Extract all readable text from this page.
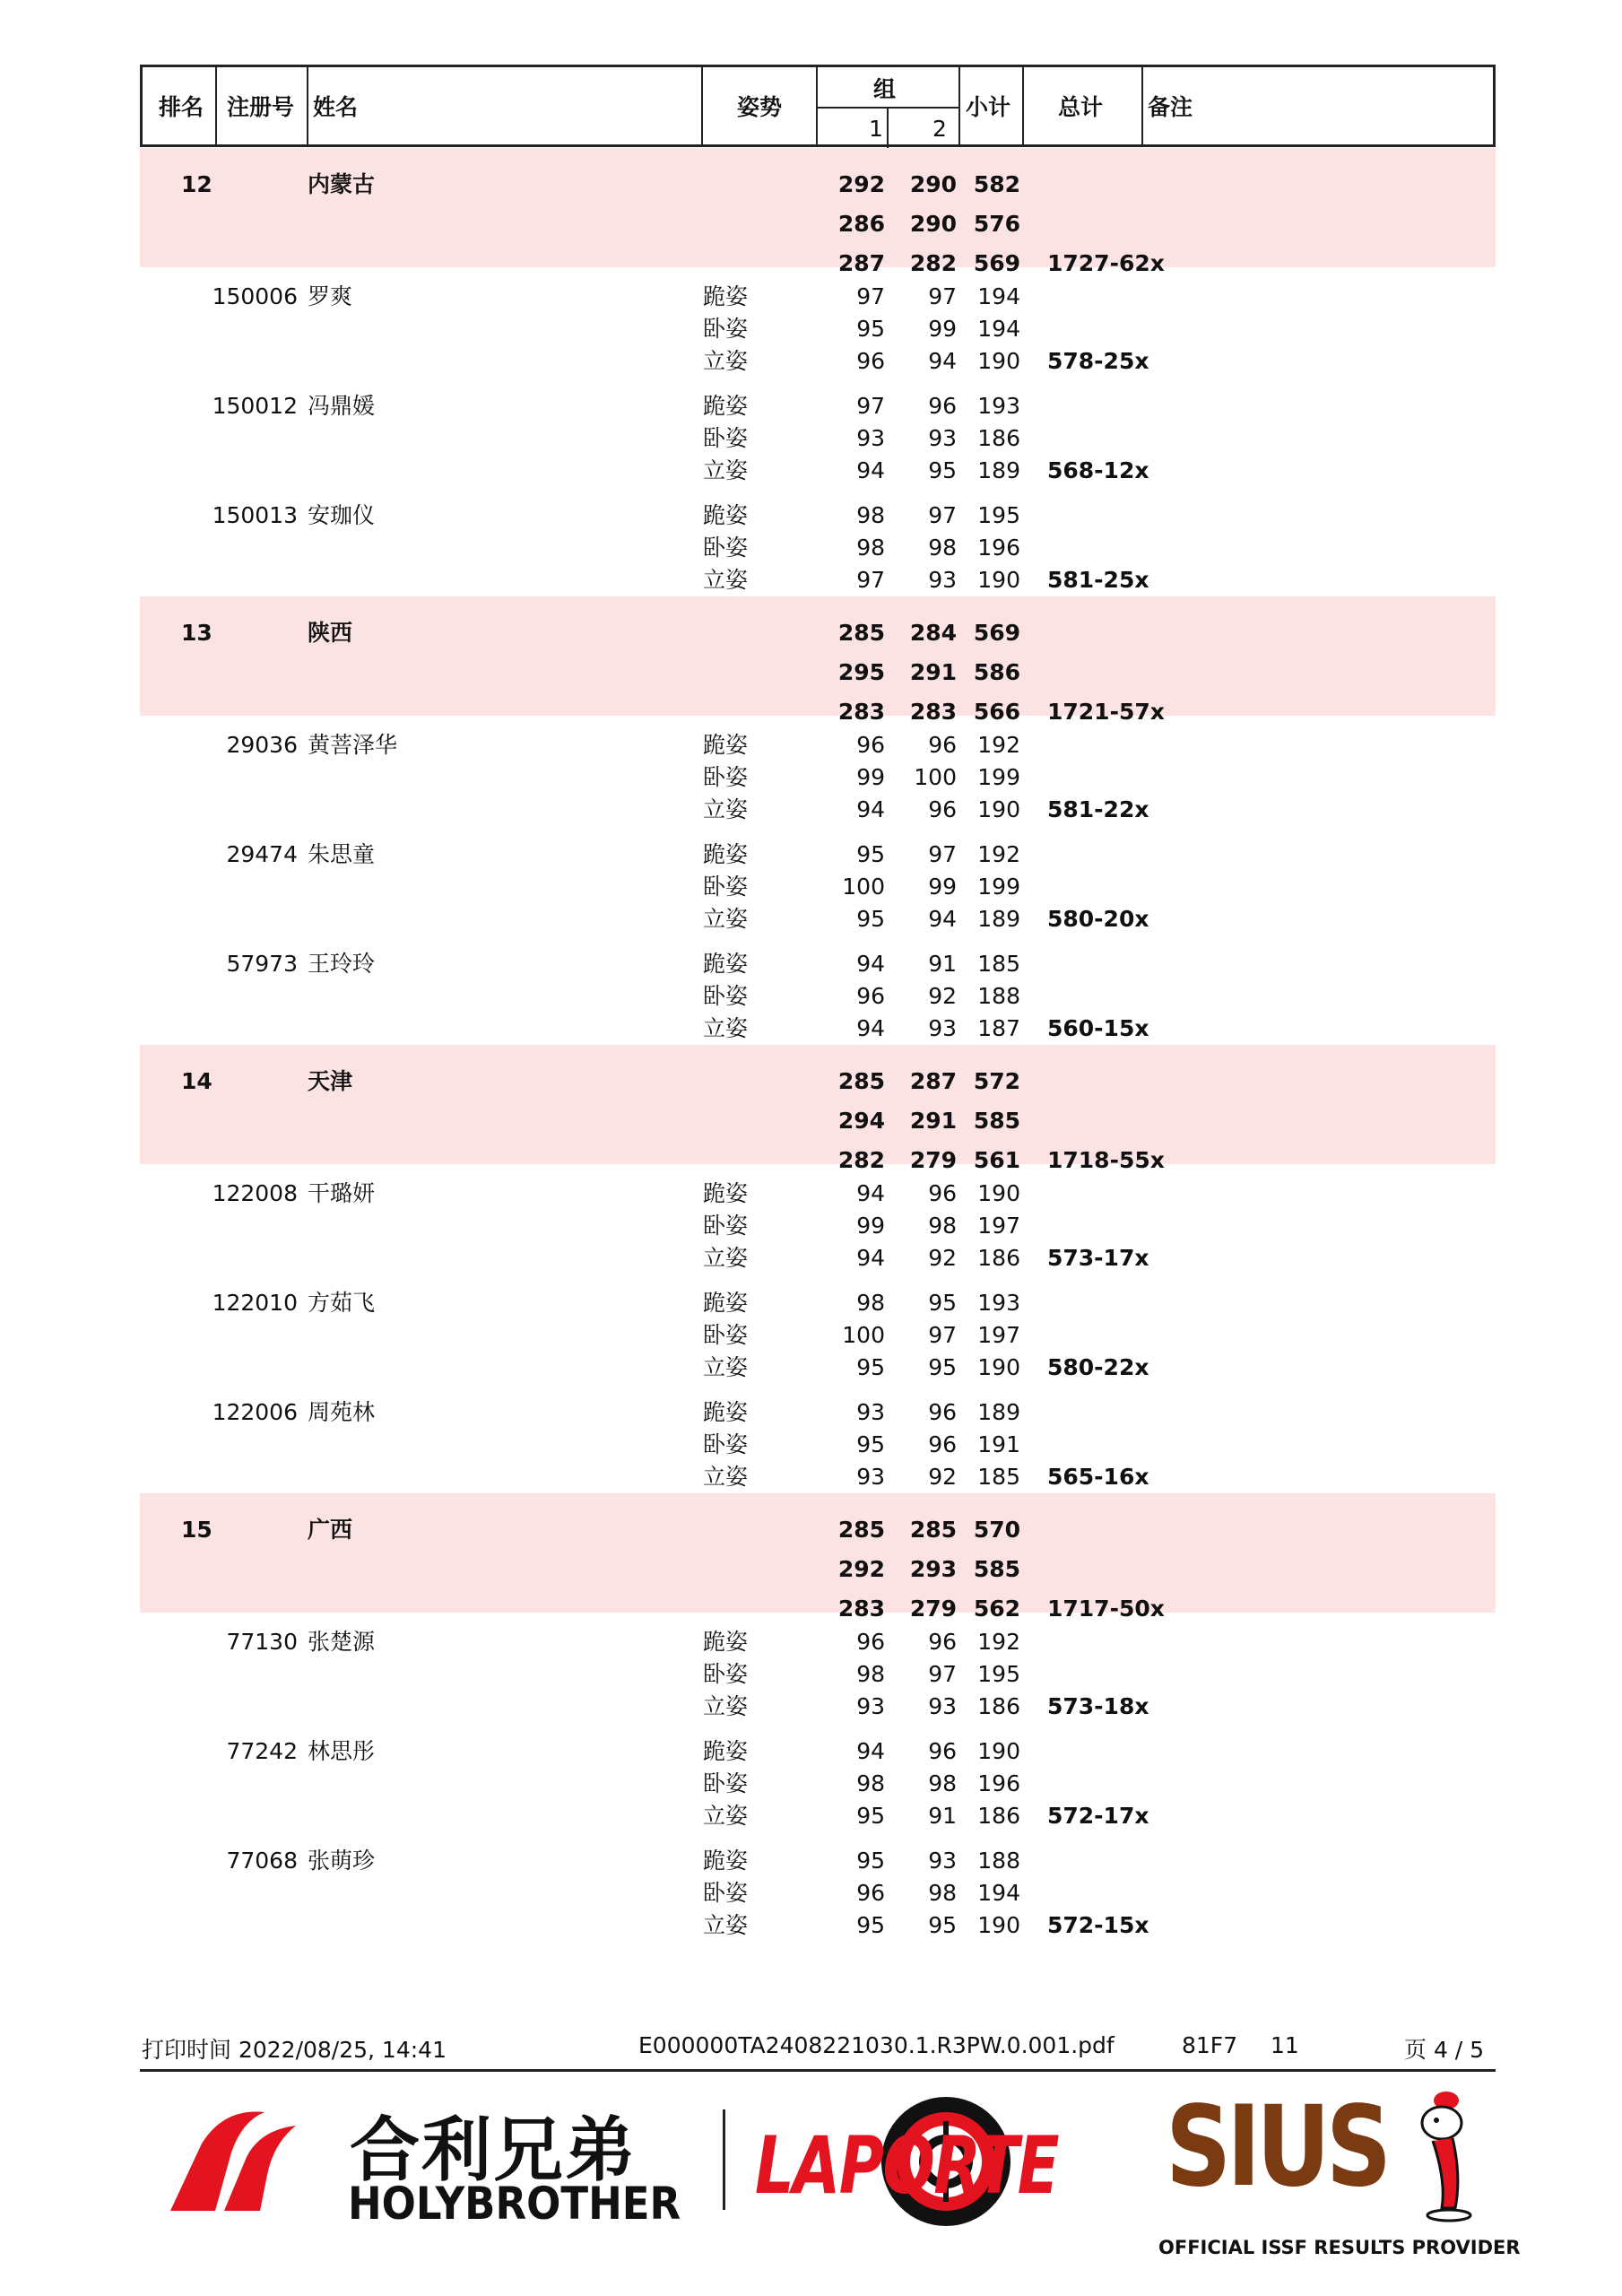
排名 注册号 姓名	姿势
组
1 2
小计 总计 备注
12	内蒙古	292 290 582
286 290 576
287 282 569 1727-62x
150006 罗爽	跪姿	97 97 194
卧姿	95 99 194
立姿	96 94 190 578-25x
150012 冯鼎媛	跪姿	97 96 193
卧姿	93 93 186
立姿	94 95 189 568-12x
150013 安珈仪	跪姿	98 97 195
卧姿	98 98 196
立姿	97 93 190 581-25x
13	陕西	285 284 569
295 291 586
283 283 566 1721-57x
29036 黄菩泽华	跪姿	96 96 192
卧姿	99 100 199
立姿	94 96 190 581-22x
29474 朱思童	跪姿	95 97 192
卧姿	100 99 199
立姿	95 94 189 580-20x
57973 王玲玲	跪姿	94 91 185
卧姿	96 92 188
立姿	94 93 187 560-15x
14	天津	285 287 572
294 291 585
282 279 561 1718-55x
122008 干璐妍	跪姿	94 96 190
卧姿	99 98 197
立姿	94 92 186 573-17x
122010 方茹飞	跪姿	98 95 193
卧姿	100 97 197
立姿	95 95 190 580-22x
122006 周苑林	跪姿	93 96 189
卧姿	95 96 191
立姿	93 92 185 565-16x
15	广西	285 285 570
292 293 585
283 279 562 1717-50x
77130 张楚源	跪姿	96 96 192
卧姿	98 97 195
立姿	93 93 186 573-18x
77242 林思彤	跪姿	94 96 190
卧姿	98 98 196
立姿	95 91 186 572-17x
77068 张萌珍	跪姿	95 93 188
卧姿	96 98 194
立姿	95 95 190 572-15x
打印时间 2022/08/25, 14:41	E000000TA2408221030.1.R3PW.0.001.pdf	81F7 11	页 4 / 5
合利兄弟
HOLYBROTHER LAPORTE SIUS
OFFICIAL ISSF RESULTS PROVIDER
